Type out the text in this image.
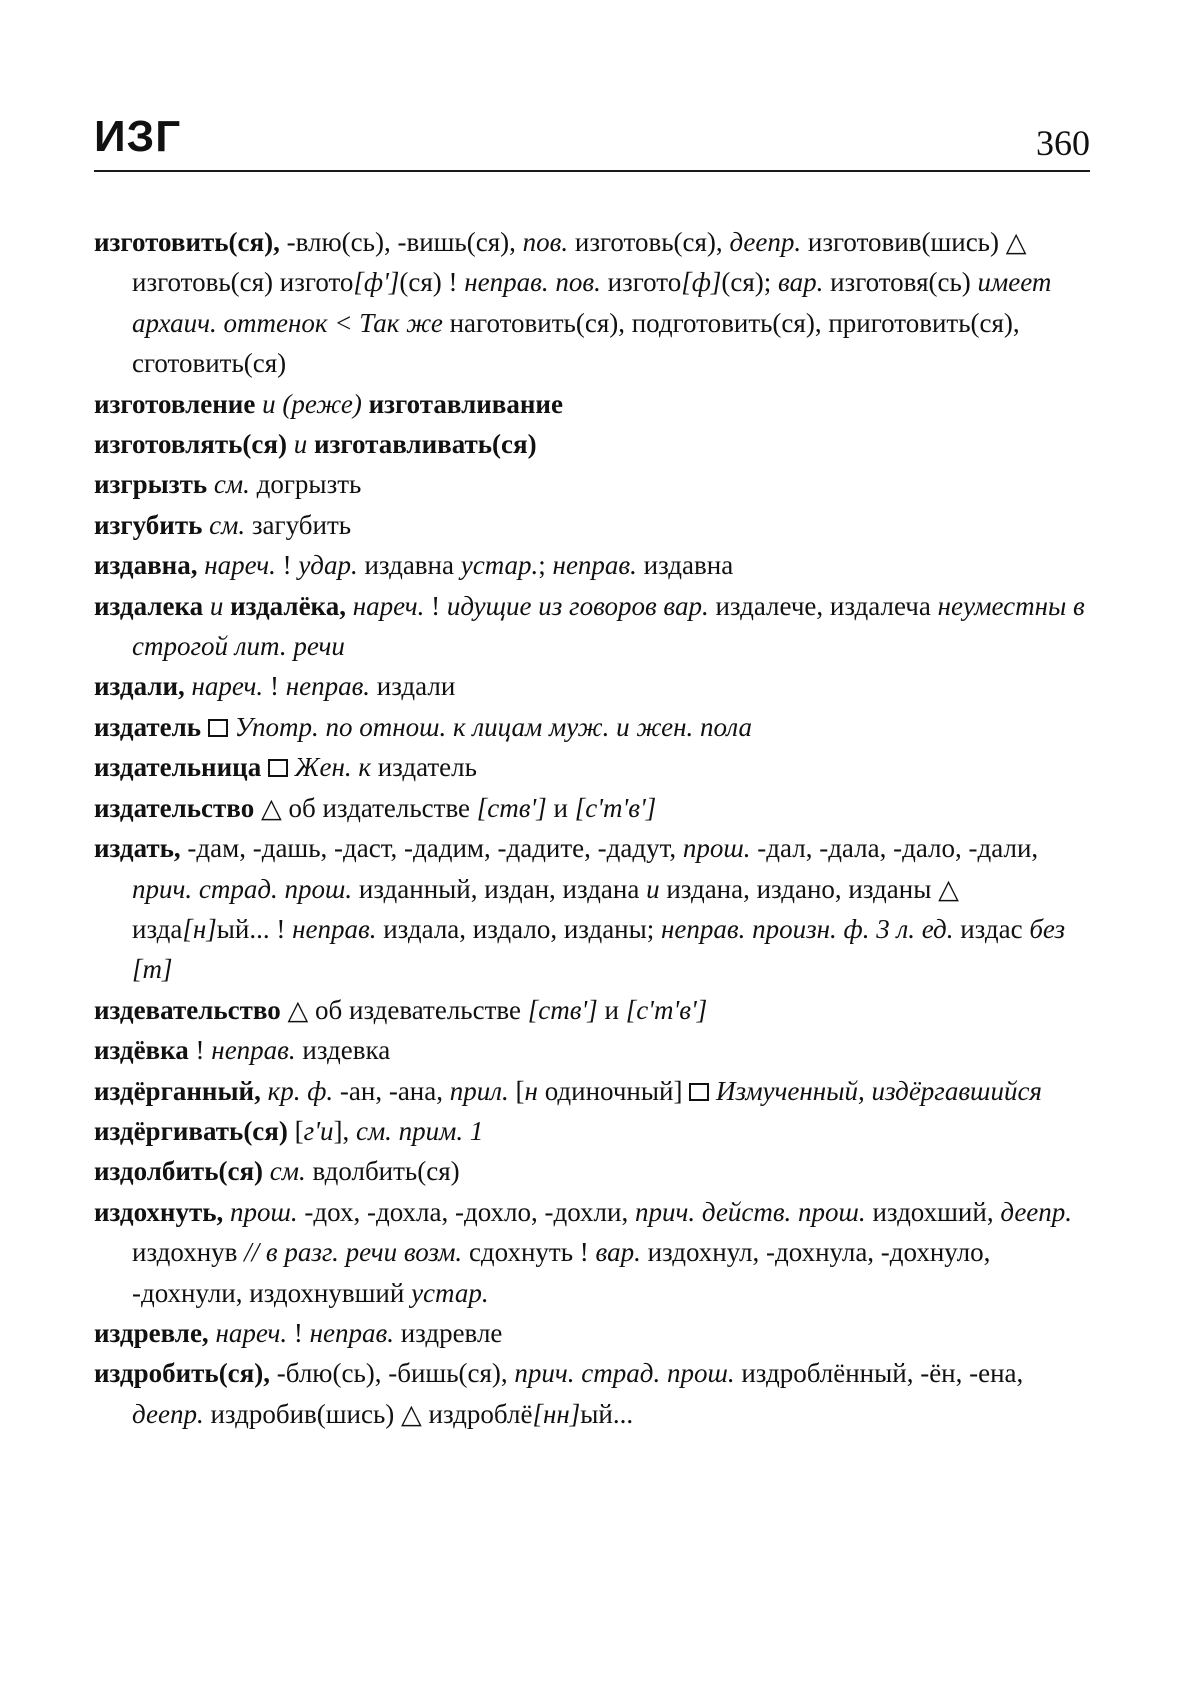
ИЗГ	360
изготовить(ся), -влю(сь), -вишь(ся), пов. изготовь(ся), деепр. изготовив(шись) △ изготовь(ся) изгото[ф'](ся) ! неправ. пов. изгото[ф](ся); вар. изготовя(сь) имеет архаич. оттенок < Так же наготовить(ся), подготовить(ся), приготовить(ся), сготовить(ся)
изготовление и (реже) изготавливание
изготовлять(ся) и изготавливать(ся)
изгрызть см. догрызть
изгубить см. загубить
издавна, нареч. ! удар. издавна устар.; неправ. издавна
издалека и издалёка, нареч. ! идущие из говоров вар. издалече, издалеча неуместны в строгой лит. речи
издали, нареч. ! неправ. издали
издатель  Употр. по отнош. к лицам муж. и жен. пола
издательница  Жен. к издатель
издательство △ об издательстве [ств'] и [с'т'в']
издать, -дам, -дашь, -даст, -дадим, -дадите, -дадут, прош. -дал, -дала, -дало, -дали, прич. страд. прош. изданный, издан, издана и издана, издано, изданы △ изда[н]ый... ! неправ. издала, издало, изданы; неправ. произн. ф. 3 л. ед. издас без [т]
издевательство △ об издевательстве [ств'] и [с'т'в']
издёвка ! неправ. издевка
издёрганный, кр. ф. -ан, -ана, прил. [н одиночный]  Измученный, издёргавшийся
издёргивать(ся) [г'и], см. прим. 1
издолбить(ся) см. вдолбить(ся)
издохнуть, прош. -дох, -дохла, -дохло, -дохли, прич. действ. прош. издохший, деепр. издохнув // в разг. речи возм. сдохнуть ! вар. издохнул, -дохнула, -дохнуло, -дохнули, издохнувший устар.
издревле, нареч. ! неправ. издревле
издробить(ся), -блю(сь), -бишь(ся), прич. страд. прош. издроблённый, -ён, -ена, деепр. издробив(шись) △ издроблё[нн]ый...
